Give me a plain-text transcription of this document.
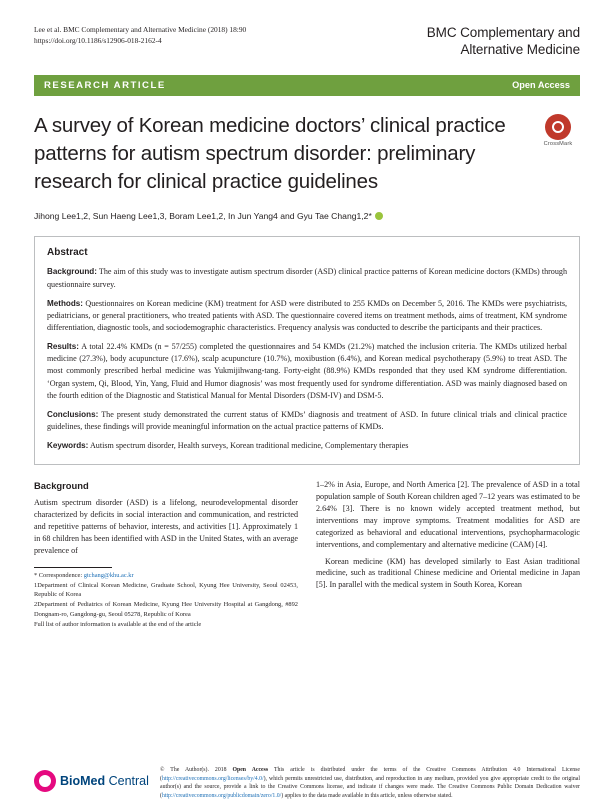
Lee et al. BMC Complementary and Alternative Medicine (2018) 18:90
https://doi.org/10.1186/s12906-018-2162-4
BMC Complementary and
Alternative Medicine
RESEARCH ARTICLE	Open Access
A survey of Korean medicine doctors’ clinical practice patterns for autism spectrum disorder: preliminary research for clinical practice guidelines
CrossMark
Jihong Lee1,2, Sun Haeng Lee1,3, Boram Lee1,2, In Jun Yang4 and Gyu Tae Chang1,2*
Abstract

Background: The aim of this study was to investigate autism spectrum disorder (ASD) clinical practice patterns of Korean medicine doctors (KMDs) through questionnaire survey.

Methods: Questionnaires on Korean medicine (KM) treatment for ASD were distributed to 255 KMDs on December 5, 2016. The KMDs were psychiatrists, pediatricians, or general practitioners, who treated patients with ASD. The questionnaire covered items on treatment methods, aims of treatment, KM syndrome differentiation, diagnostic tools, and sociodemographic characteristics. Frequency analysis was conducted to describe the participants and their practices.

Results: A total 22.4% KMDs (n = 57/255) completed the questionnaires and 54 KMDs (21.2%) matched the inclusion criteria. The KMDs utilized herbal medicine (27.3%), body acupuncture (17.6%), scalp acupuncture (10.7%), moxibustion (6.4%), and Korean medical psychotherapy (5.9%) to treat ASD. The most commonly prescribed herbal medicine was Yukmijihwang-tang. Forty-eight (88.9%) KMDs responded that they used KM syndrome differentiation. ‘Organ system, Qi, Blood, Yin, Yang, Fluid and Humor diagnosis’ was most frequently used for syndrome differentiation. ASD was mainly diagnosed based on the fourth edition of the Diagnostic and Statistical Manual for Mental Disorders (DSM-IV) and DSM-5.

Conclusions: The present study demonstrated the current status of KMDs’ diagnosis and treatment of ASD. In future clinical trials and clinical practice guidelines, these findings will provide meaningful information on the actual practice patterns of KMDs.

Keywords: Autism spectrum disorder, Health surveys, Korean traditional medicine, Complementary therapies

Background

Autism spectrum disorder (ASD) is a lifelong, neurodevelopmental disorder characterized by deficits in social interaction and communication, and restricted and repetitive patterns of behavior, interests, and activities [1]. Approximately 1 in 68 children has been identified with ASD in the United States, with an average prevalence of

* Correspondence: gtchang@khu.ac.kr

1Department of Clinical Korean Medicine, Graduate School, Kyung Hee University, Seoul 02453, Republic of Korea

2Department of Pediatrics of Korean Medicine, Kyung Hee University Hospital at Gangdong, #892 Dongnam-ro, Gangdong-gu, Seoul 05278, Republic of Korea

Full list of author information is available at the end of the article

1–2% in Asia, Europe, and North America [2]. The prevalence of ASD in a total population sample of South Korean children aged 7–12 years was estimated to be 2.64% [3]. There is no known widely accepted treatment method, but interventions may improve symptoms. Treatment modalities for ASD are categorized as behavioral and educational interventions, psychopharmacologic interventions, and complementary and alternative medicine (CAM) [4].

Korean medicine (KM) has developed similarly to East Asian traditional medicine, such as traditional Chinese medicine and Oriental medicine in Japan [5]. In parallel with the medical system in South Korea, Korean

BioMed Central
© The Author(s). 2018 Open Access This article is distributed under the terms of the Creative Commons Attribution 4.0 International License (http://creativecommons.org/licenses/by/4.0/), which permits unrestricted use, distribution, and reproduction in any medium, provided you give appropriate credit to the original author(s) and the source, provide a link to the Creative Commons license, and indicate if changes were made. The Creative Commons Public Domain Dedication waiver (http://creativecommons.org/publicdomain/zero/1.0/) applies to the data made available in this article, unless otherwise stated.
